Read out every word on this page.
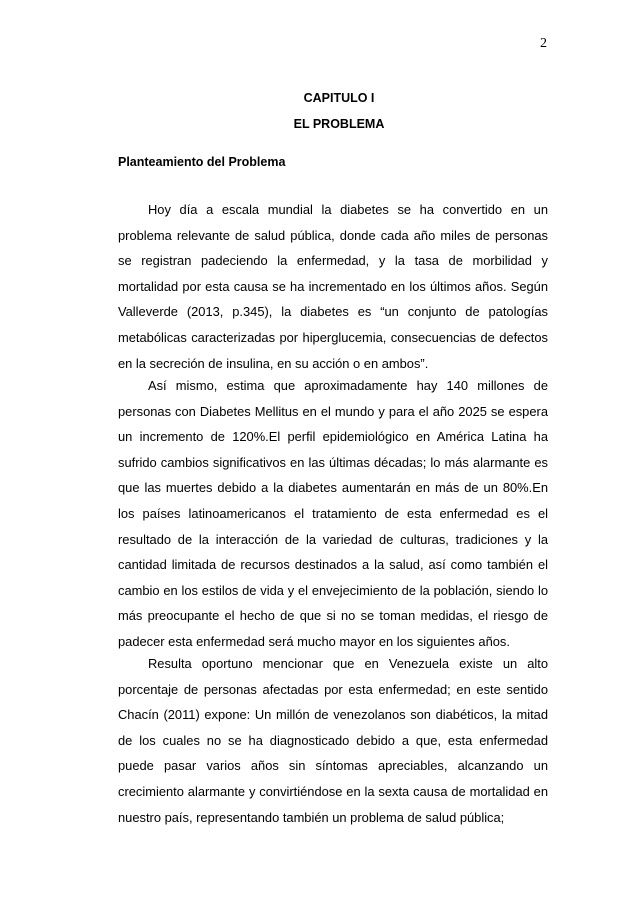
2
CAPITULO I
EL PROBLEMA
Planteamiento del Problema

Hoy día a escala mundial la diabetes se ha convertido en un problema relevante de salud pública, donde cada año miles de personas se registran padeciendo la enfermedad, y la tasa de morbilidad y mortalidad por esta causa se ha incrementado en los últimos años. Según Valleverde (2013, p.345), la diabetes es “un conjunto de patologías metabólicas caracterizadas por hiperglucemia, consecuencias de defectos en la secreción de insulina, en su acción o en ambos”.

Así mismo, estima que aproximadamente hay 140 millones de personas con Diabetes Mellitus en el mundo y para el año 2025 se espera un incremento de 120%.El perfil epidemiológico en América Latina ha sufrido cambios significativos en las últimas décadas; lo más alarmante es que las muertes debido a la diabetes aumentarán en más de un 80%.En los países latinoamericanos el tratamiento de esta enfermedad es el resultado de la interacción de la variedad de culturas, tradiciones y la cantidad limitada de recursos destinados a la salud, así como también el cambio en los estilos de vida y el envejecimiento de la población, siendo lo más preocupante el hecho de que si no se toman medidas, el riesgo de padecer esta enfermedad será mucho mayor en los siguientes años.

Resulta oportuno mencionar que en Venezuela existe un alto porcentaje de personas afectadas por esta enfermedad; en este sentido Chacín (2011) expone: Un millón de venezolanos son diabéticos, la mitad de los cuales no se ha diagnosticado debido a que, esta enfermedad puede pasar varios años sin síntomas apreciables, alcanzando un crecimiento alarmante y convirtiéndose en la sexta causa de mortalidad en nuestro país, representando también un problema de salud pública;
